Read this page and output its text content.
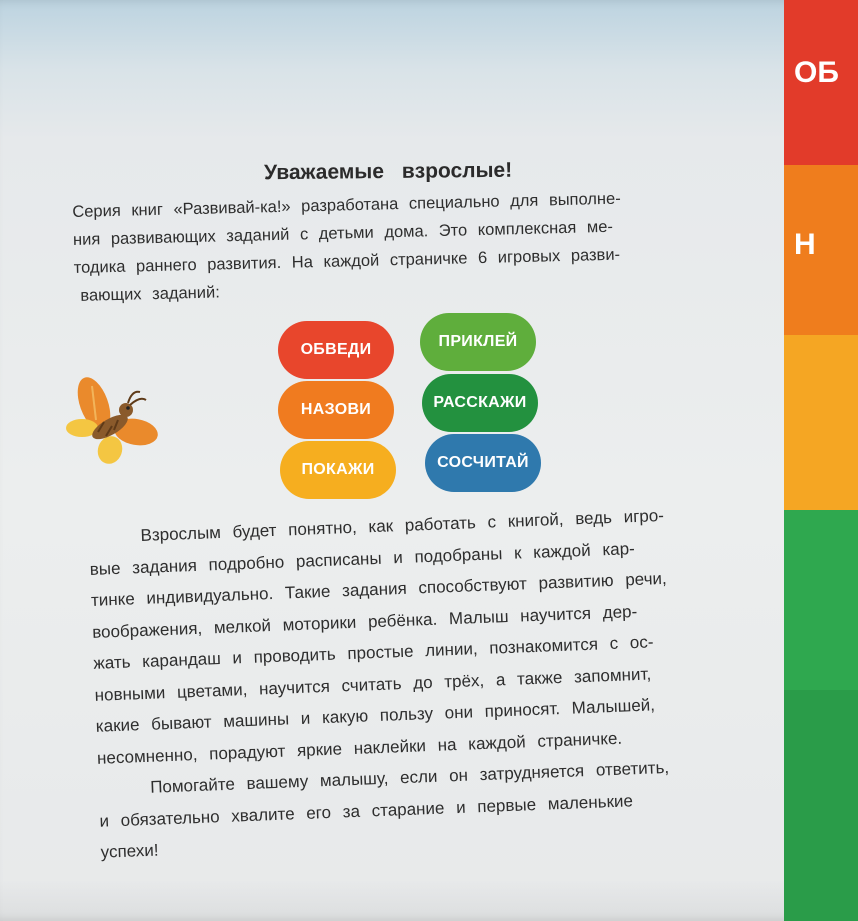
Уважаемые взрослые!
Серия книг «Развивай-ка!» разработана специально для выполне-
ния развивающих заданий с детьми дома. Это комплексная ме-
тодика раннего развития. На каждой страничке 6 игровых разви-
вающих заданий:
ОБВЕДИ	ПРИКЛЕЙ
НАЗОВИ	РАССКАЖИ
ПОКАЖИ	СОСЧИТАЙ
Взрослым будет понятно, как работать с книгой, ведь игро-
вые задания подробно расписаны и подобраны к каждой кар-
тинке индивидуально. Такие задания способствуют развитию речи,
воображения, мелкой моторики ребёнка. Малыш научится дер-
жать карандаш и проводить простые линии, познакомится с ос-
новными цветами, научится считать до трёх, а также запомнит,
какие бывают машины и какую пользу они приносят. Малышей,
несомненно, порадуют яркие наклейки на каждой страничке.
Помогайте вашему малышу, если он затрудняется ответить,
и обязательно хвалите его за старание и первые маленькие
успехи!
ОБ
Н
